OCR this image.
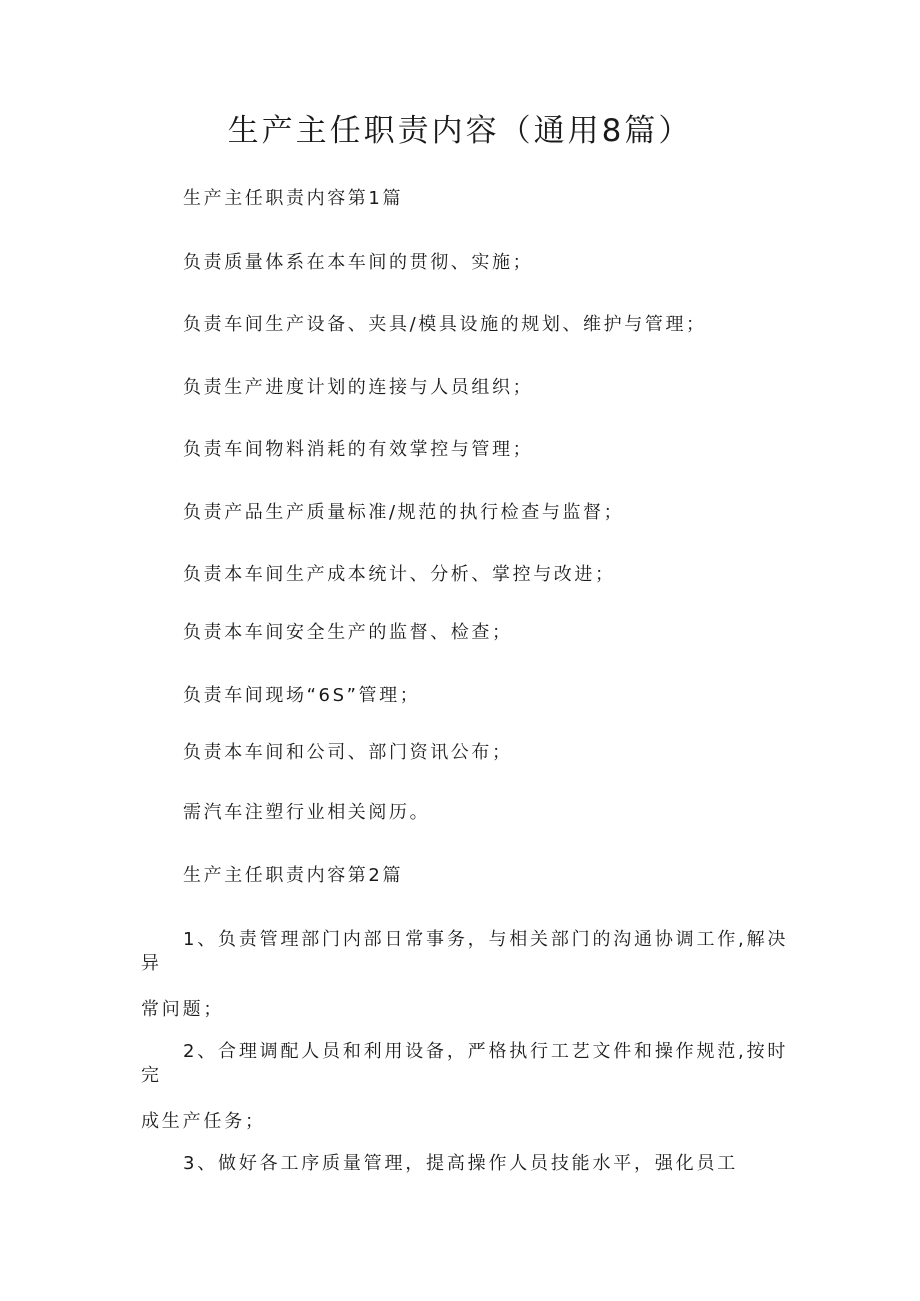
生产主任职责内容（通用8篇）
生产主任职责内容第1篇
负责质量体系在本车间的贯彻、实施；
负责车间生产设备、夹具/模具设施的规划、维护与管理；
负责生产进度计划的连接与人员组织；
负责车间物料消耗的有效掌控与管理；
负责产品生产质量标准/规范的执行检查与监督；
负责本车间生产成本统计、分析、掌控与改进；
负责本车间安全生产的监督、检查；
负责车间现场“6S”管理；
负责本车间和公司、部门资讯公布；
需汽车注塑行业相关阅历。
生产主任职责内容第2篇
1、负责管理部门内部日常事务，与相关部门的沟通协调工作,解决异
常问题；
2、合理调配人员和利用设备，严格执行工艺文件和操作规范,按时完
成生产任务；
3、做好各工序质量管理，提高操作人员技能水平，强化员工
